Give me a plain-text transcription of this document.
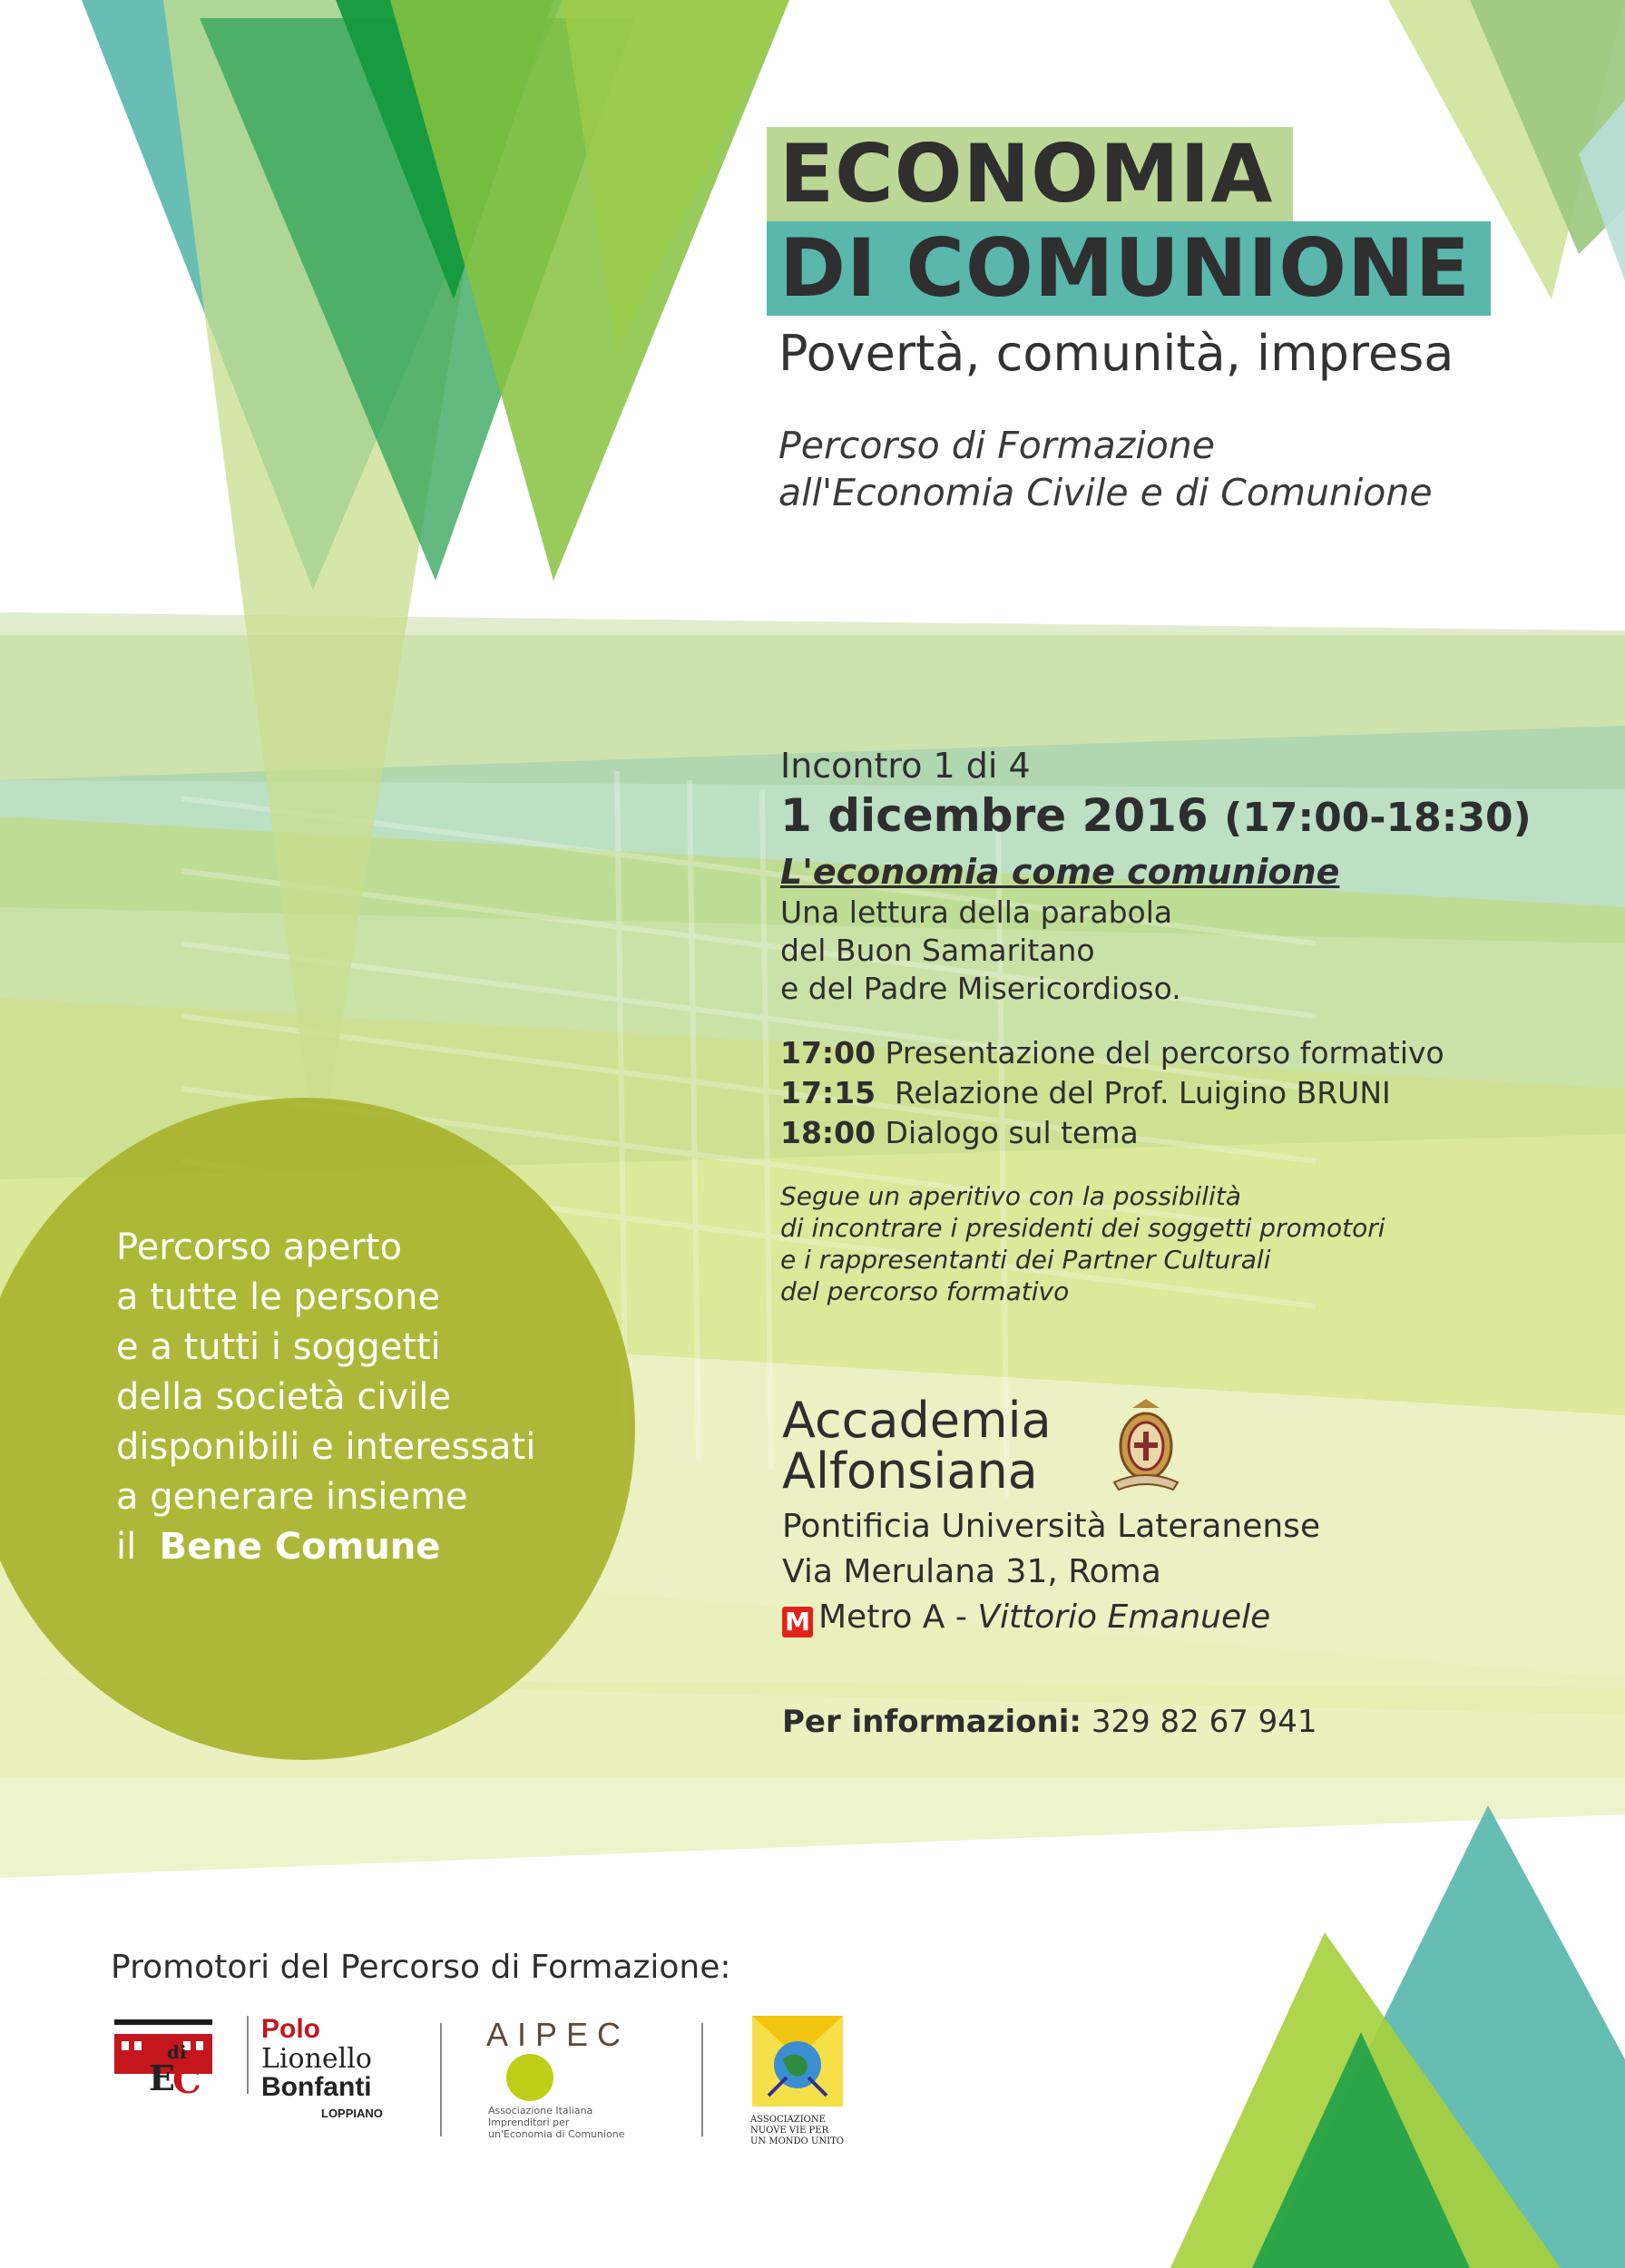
ECONOMIA
DI COMUNIONE
Povertà, comunità, impresa
Percorso di Formazione
all'Economia Civile e di Comunione
Incontro 1 di 4
1 dicembre 2016 (17:00-18:30)
L'economia come comunione
Una lettura della parabola
del Buon Samaritano
e del Padre Misericordioso.
17:00 Presentazione del percorso formativo
17:15 Relazione del Prof. Luigino BRUNI
18:00 Dialogo sul tema
Segue un aperitivo con la possibilità
di incontrare i presidenti dei soggetti promotori
e i rappresentanti dei Partner Culturali
del percorso formativo
Accademia
Alfonsiana
Pontificia Università Lateranense
Via Merulana 31, Roma
M Metro A - Vittorio Emanuele
Per informazioni: 329 82 67 941
Percorso aperto
a tutte le persone
e a tutti i soggetti
della società civile
disponibili e interessati
a generare insieme
il Bene Comune
Promotori del Percorso di Formazione:
di
E
C
Polo
Lionello
Bonfanti
LOPPIANO
AIPEC
Associazione Italiana
Imprenditori per
un'Economia di Comunione
ASSOCIAZIONE
NUOVE VIE PER
UN MONDO UNITO
